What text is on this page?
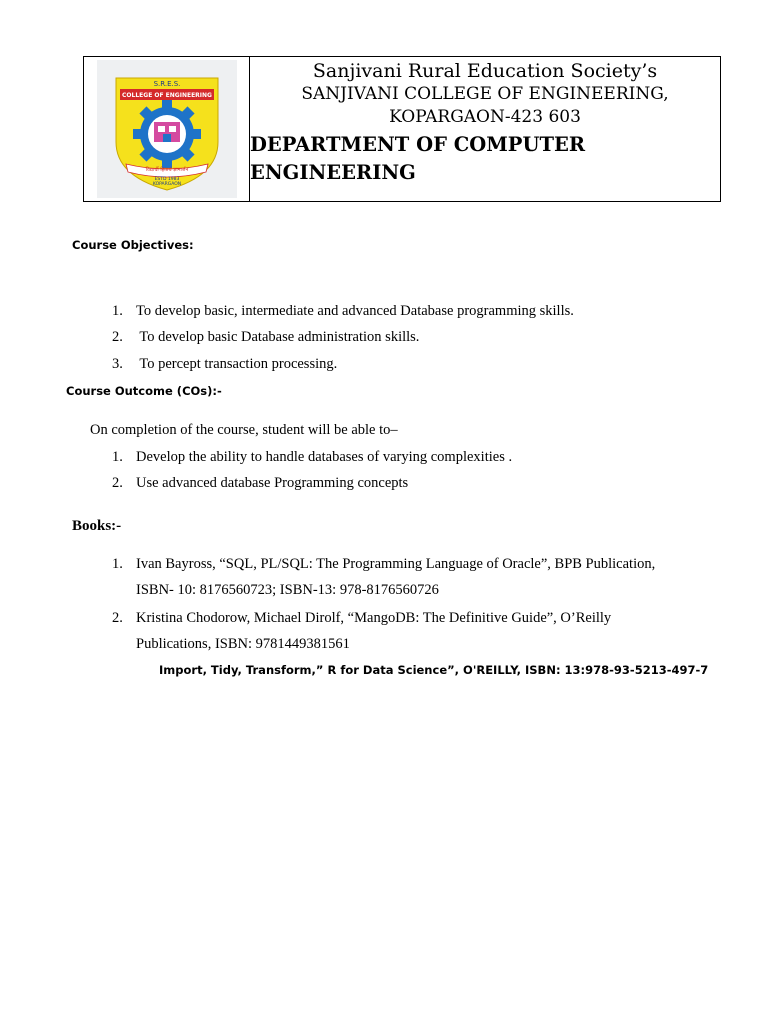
S.R.E.S.
COLLEGE OF ENGINEERING
विद्यार्थी हितार्थ ज्ञानार्जन
ESTD 1983
KOPARGAON
Sanjivani Rural Education Society’s
SANJIVANI COLLEGE OF ENGINEERING,
KOPARGAON-423 603
DEPARTMENT OF COMPUTER ENGINEERING
Course Objectives:
1. To develop basic, intermediate and advanced Database programming skills.
2. To develop basic Database administration skills.
3. To percept transaction processing.
Course Outcome (COs):-
On completion of the course, student will be able to–
1. Develop the ability to handle databases of varying complexities .
2. Use advanced database Programming concepts
Books:-
1. Ivan Bayross, “SQL, PL/SQL: The Programming Language of Oracle”, BPB Publication,
ISBN- 10: 8176560723; ISBN-13: 978-8176560726
2. Kristina Chodorow, Michael Dirolf, “MangoDB: The Definitive Guide”, O’Reilly
Publications, ISBN: 9781449381561
Import, Tidy, Transform,” R for Data Science”, O'REILLY, ISBN: 13:978-93-5213-497-7
